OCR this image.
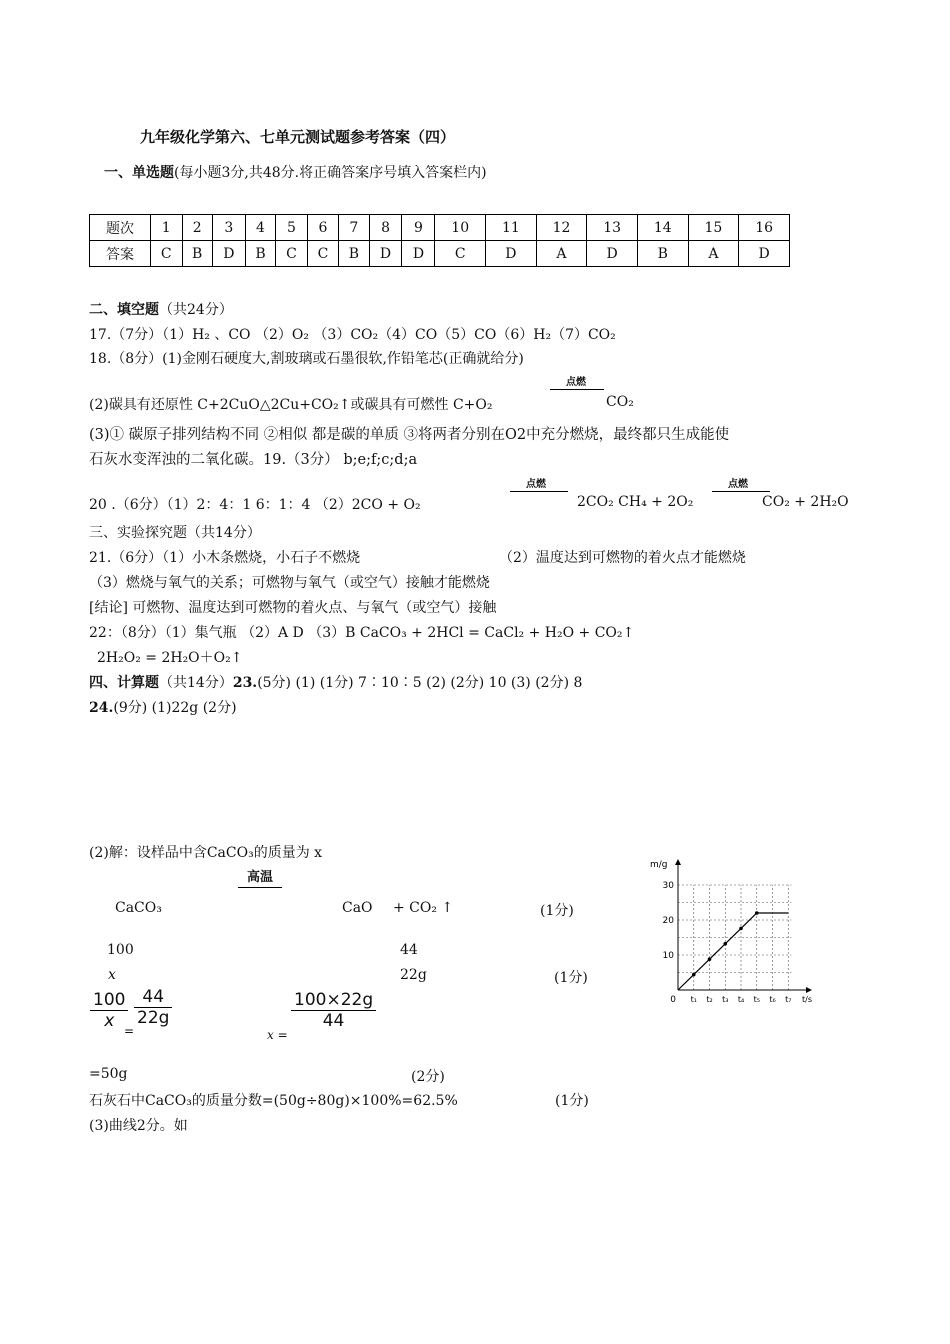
九年级化学第六、七单元测试题参考答案（四）
一、单选题(每小题3分,共48分.将正确答案序号填入答案栏内)
题次	1	2	3	4	5	6	7	8	9	10	11	12	13	14	15	16
答案	C	B	D	B	C	C	B	D	D	C	D	A	D	B	A	D
二、填空题（共24分）
17.（7分）（1）H₂ 、CO （2）O₂ （3）CO₂（4）CO（5）CO（6）H₂（7）CO₂
18.（8分）(1)金刚石硬度大,割玻璃或石墨很软,作铅笔芯(正确就给分)
点燃
(2)碳具有还原性 C+2CuO△2Cu+CO₂↑或碳具有可燃性 C+O₂	CO₂
(3)① 碳原子排列结构不同 ②相似 都是碳的单质 ③将两者分别在O2中充分燃烧，最终都只生成能使
石灰水变浑浊的二氧化碳。19.（3分） b;e;f;c;d;a
点燃	点燃
20 .（6分）（1）2：4：1 6：1：4 （2）2CO + O₂	2CO₂ CH₄ + 2O₂	CO₂ + 2H₂O
三、实验探究题（共14分）
21.（6分）（1）小木条燃烧，小石子不燃烧	（2）温度达到可燃物的着火点才能燃烧
（3）燃烧与氧气的关系；可燃物与氧气（或空气）接触才能燃烧
[结论] 可燃物、温度达到可燃物的着火点、与氧气（或空气）接触
22：（8分）（1）集气瓶 （2）A D （3）B CaCO₃ + 2HCl = CaCl₂ + H₂O + CO₂↑
2H₂O₂ = 2H₂O＋O₂↑
四、计算题（共14分）23.(5分) (1) (1分) 7∶10∶5 (2) (2分) 10 (3) (2分) 8
24.(9分) (1)22g (2分)
(2)解：设样品中含CaCO₃的质量为 x
高温
CaCO₃	CaO + CO₂ ↑	(1分)
100	44
x	22g	(1分)
$\frac{100}{x}$
=
$\frac{44}{22g}$
x =
$\frac{100\times 22g}{44}$
=50g	(2分)
石灰石中CaCO₃的质量分数=(50g÷80g)×100%=62.5%	(1分)
(3)曲线2分。如
10
20
30
t₁ t₂ t₃ t₄ t₅ t₆ t₇
0
m/g
t/s
